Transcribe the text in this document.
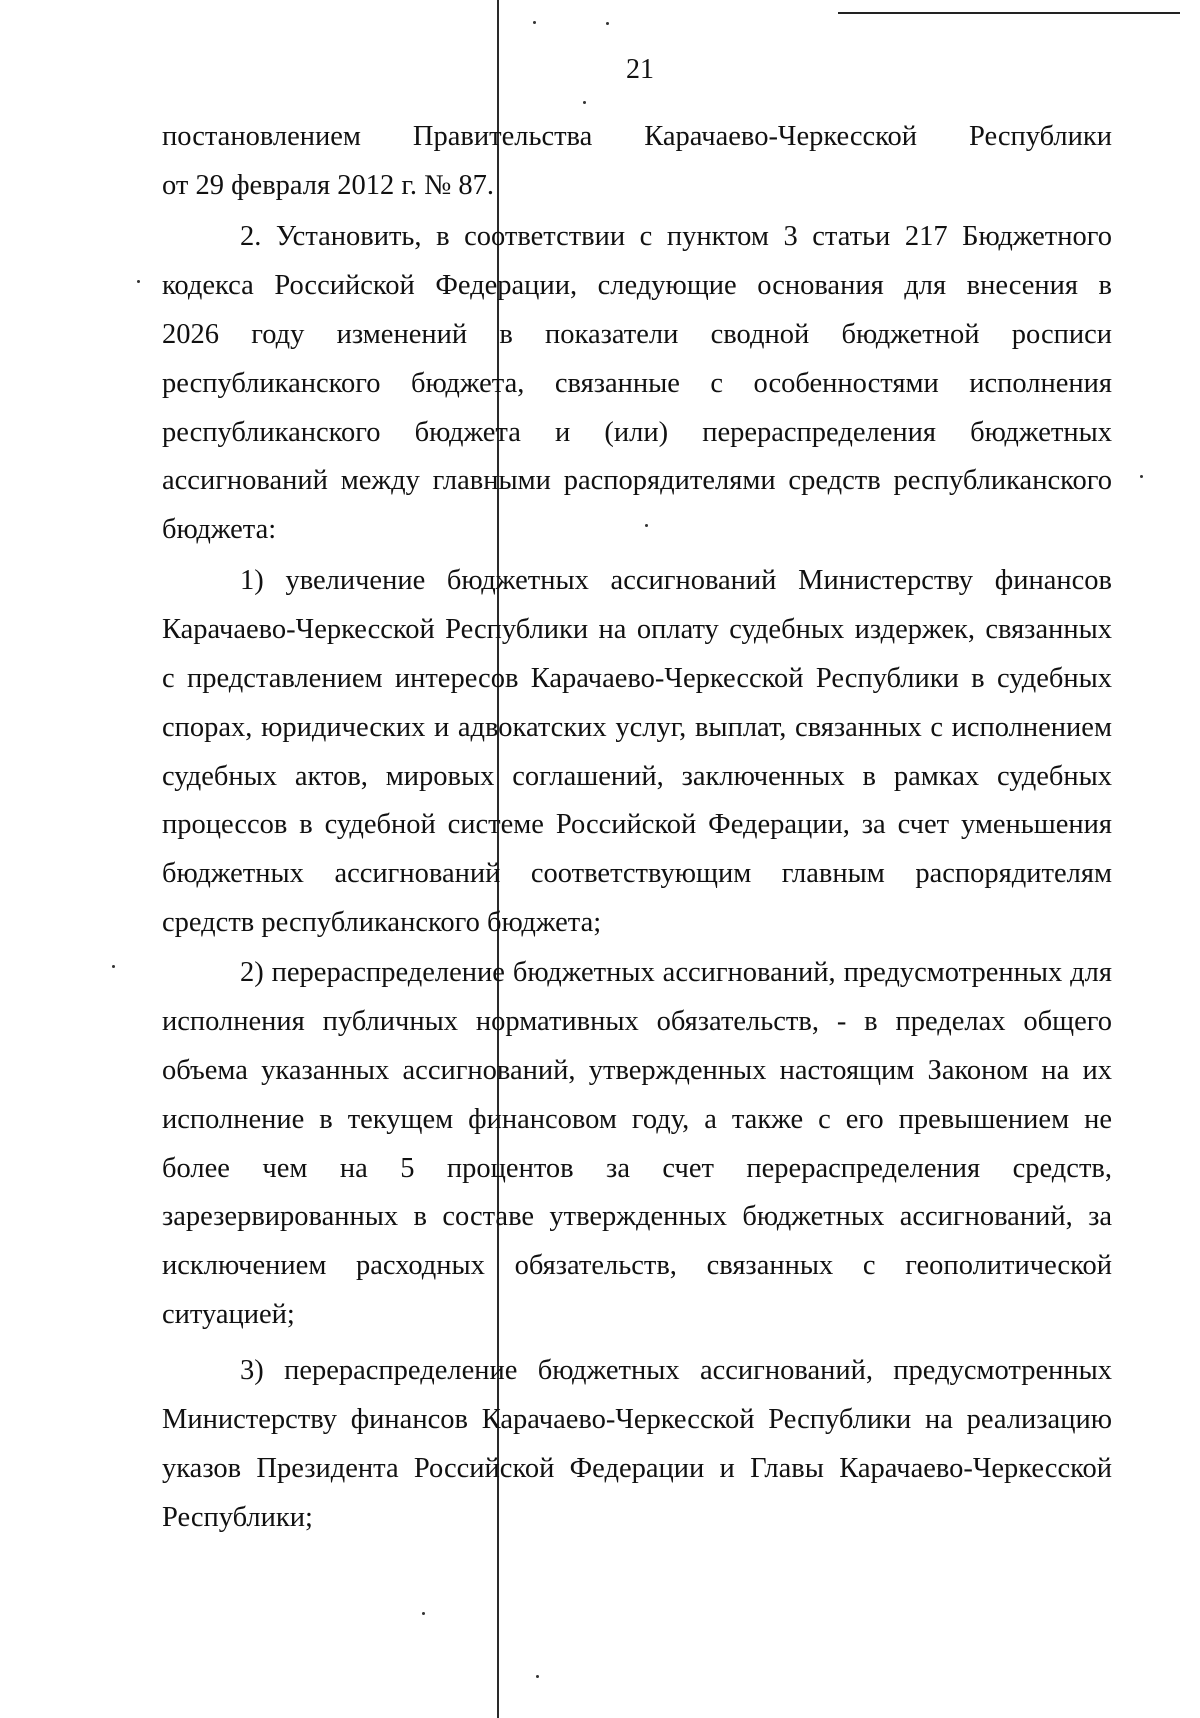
21
постановлением Правительства Карачаево-Черкесской Республики
от 29 февраля 2012 г. № 87.
2. Установить, в соответствии с пунктом 3 статьи 217 Бюджетного
кодекса Российской Федерации, следующие основания для внесения в
2026 году изменений в показатели сводной бюджетной росписи
республиканского бюджета, связанные с особенностями исполнения
республиканского бюджета и (или) перераспределения бюджетных
ассигнований между главными распорядителями средств республиканского
бюджета:
1) увеличение бюджетных ассигнований Министерству финансов
Карачаево-Черкесской Республики на оплату судебных издержек, связанных
с представлением интересов Карачаево-Черкесской Республики в судебных
спорах, юридических и адвокатских услуг, выплат, связанных с исполнением
судебных актов, мировых соглашений, заключенных в рамках судебных
процессов в судебной системе Российской Федерации, за счет уменьшения
бюджетных ассигнований соответствующим главным распорядителям
средств республиканского бюджета;
2) перераспределение бюджетных ассигнований, предусмотренных для
исполнения публичных нормативных обязательств, - в пределах общего
объема указанных ассигнований, утвержденных настоящим Законом на их
исполнение в текущем финансовом году, а также с его превышением не
более чем на 5 процентов за счет перераспределения средств,
зарезервированных в составе утвержденных бюджетных ассигнований, за
исключением расходных обязательств, связанных с геополитической
ситуацией;
3) перераспределение бюджетных ассигнований, предусмотренных
Министерству финансов Карачаево-Черкесской Республики на реализацию
указов Президента Российской Федерации и Главы Карачаево-Черкесской
Республики;
